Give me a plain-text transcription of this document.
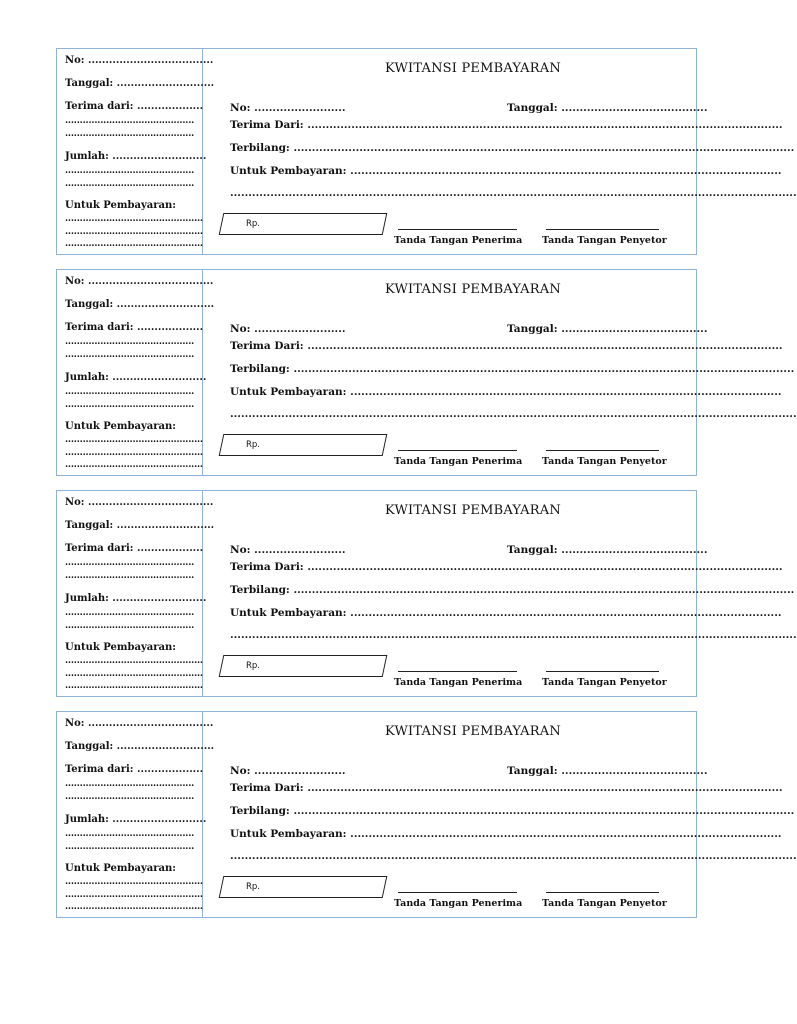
No: ....................................
Tanggal: ............................
Terima dari: ...................
............................................
............................................
Jumlah: ...........................
............................................
............................................
Untuk Pembayaran:
...............................................
...............................................
...............................................
KWITANSI PEMBAYARAN
No: .........................	Tanggal: ........................................
Terima Dari: ..................................................................................................................................
Terbilang: .........................................................................................................................................
Untuk Pembayaran: ......................................................................................................................
...........................................................................................................................................................
Rp.
Tanda Tangan Penerima Tanda Tangan Penyetor
No: ....................................
Tanggal: ............................
Terima dari: ...................
............................................
............................................
Jumlah: ...........................
............................................
............................................
Untuk Pembayaran:
...............................................
...............................................
...............................................
KWITANSI PEMBAYARAN
No: .........................	Tanggal: ........................................
Terima Dari: ..................................................................................................................................
Terbilang: .........................................................................................................................................
Untuk Pembayaran: ......................................................................................................................
...........................................................................................................................................................
Rp.
Tanda Tangan Penerima Tanda Tangan Penyetor
No: ....................................
Tanggal: ............................
Terima dari: ...................
............................................
............................................
Jumlah: ...........................
............................................
............................................
Untuk Pembayaran:
...............................................
...............................................
...............................................
KWITANSI PEMBAYARAN
No: .........................	Tanggal: ........................................
Terima Dari: ..................................................................................................................................
Terbilang: .........................................................................................................................................
Untuk Pembayaran: ......................................................................................................................
...........................................................................................................................................................
Rp.
Tanda Tangan Penerima Tanda Tangan Penyetor
No: ....................................
Tanggal: ............................
Terima dari: ...................
............................................
............................................
Jumlah: ...........................
............................................
............................................
Untuk Pembayaran:
...............................................
...............................................
...............................................
KWITANSI PEMBAYARAN
No: .........................	Tanggal: ........................................
Terima Dari: ..................................................................................................................................
Terbilang: .........................................................................................................................................
Untuk Pembayaran: ......................................................................................................................
...........................................................................................................................................................
Rp.
Tanda Tangan Penerima Tanda Tangan Penyetor
